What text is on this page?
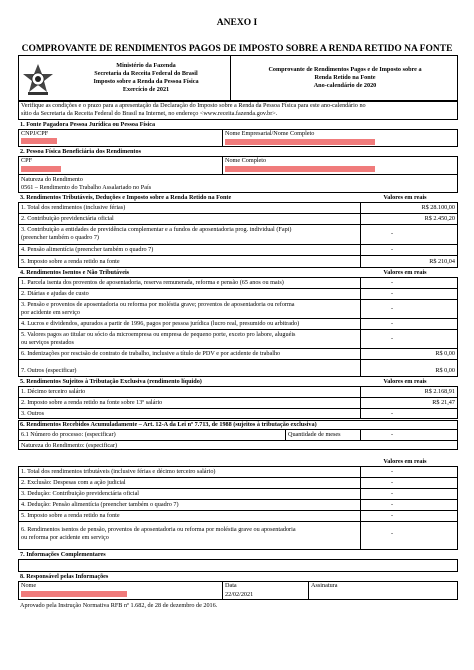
ANEXO I
COMPROVANTE DE RENDIMENTOS PAGOS DE IMPOSTO SOBRE A RENDA RETIDO NA FONTE
Ministério da Fazenda
Secretaria da Receita Federal do Brasil
Imposto sobre a Renda da Pessoa Física
Exercício de 2021
Comprovante de Rendimentos Pagos e de Imposto sobre a
Renda Retido na Fonte
Ano-calendário de 2020
Verifique as condições e o prazo para a apresentação da Declaração do Imposto sobre a Renda da Pessoa Física para este ano-calendário no
sítio da Secretaria da Receita Federal do Brasil na Internet, no endereço <www.receita.fazenda.gov.br>.
1. Fonte Pagadora Pessoa Jurídica ou Pessoa Física
CNPJ/CPF	Nome Empresarial/Nome Completo
2. Pessoa Física Beneficiária dos Rendimentos
CPF	Nome Completo
Natureza do Rendimento
0561 – Rendimento do Trabalho Assalariado no País
3. Rendimentos Tributáveis, Deduções e Imposto sobre a Renda Retido na Fonte	Valores em reais
1. Total dos rendimentos (inclusive férias)	R$ 28.100,00
2. Contribuição previdenciária oficial	R$ 2.450,20
3. Contribuição a entidades de previdência complementar e a fundos de aposentadoria prog. individual (Fapi)
(preencher também o quadro 7)
-
4. Pensão alimentícia (preencher também o quadro 7)	-
5. Imposto sobre a renda retido na fonte	R$ 210,04
4. Rendimentos Isentos e Não Tributáveis	Valores em reais
1. Parcela isenta dos proventos de aposentadoria, reserva remunerada, reforma e pensão (65 anos ou mais)	-
2. Diárias e ajudas de custo	-
3. Pensão e proventos de aposentadoria ou reforma por moléstia grave; proventos de aposentadoria ou reforma
por acidente em serviço
-
4. Lucros e dividendos, apurados a partir de 1996, pagos por pessoa jurídica (lucro real, presumido ou arbitrado)	-
5. Valores pagos ao titular ou sócio da microempresa ou empresa de pequeno porte, exceto pro labore, aluguéis
ou serviços prestados
-
6. Indenizações por rescisão de contrato de trabalho, inclusive a título de PDV e por acidente de trabalho	R$ 0,00
7. Outros (especificar)	R$ 0,00
5. Rendimentos Sujeitos à Tributação Exclusiva (rendimento líquido)	Valores em reais
1. Décimo terceiro salário	R$ 2.168,91
2. Imposto sobre a renda retido na fonte sobre 13º salário	R$ 21,47
3. Outros	-
6. Rendimentos Recebidos Acumuladamente – Art. 12-A da Lei nº 7.713, de 1988 (sujeitos à tributação exclusiva)
6.1 Número do processo: (especificar)	Quantidade de meses	-
Natureza do Rendimento: (especificar)
Valores em reais
1. Total dos rendimentos tributáveis (inclusive férias e décimo terceiro salário)	-
2. Exclusão: Despesas com a ação judicial	-
3. Dedução: Contribuição previdenciária oficial	-
4. Dedução: Pensão alimentícia (preencher também o quadro 7)	-
5. Imposto sobre a renda retido na fonte	-
6. Rendimentos isentos de pensão, proventos de aposentadoria ou reforma por moléstia grave ou aposentadoria
ou reforma por acidente em serviço
-
7. Informações Complementares
8. Responsável pelas Informações
Nome	Data
22/02/2021
Assinatura
Aprovado pela Instrução Normativa RFB nº 1.682, de 28 de dezembro de 2016.
